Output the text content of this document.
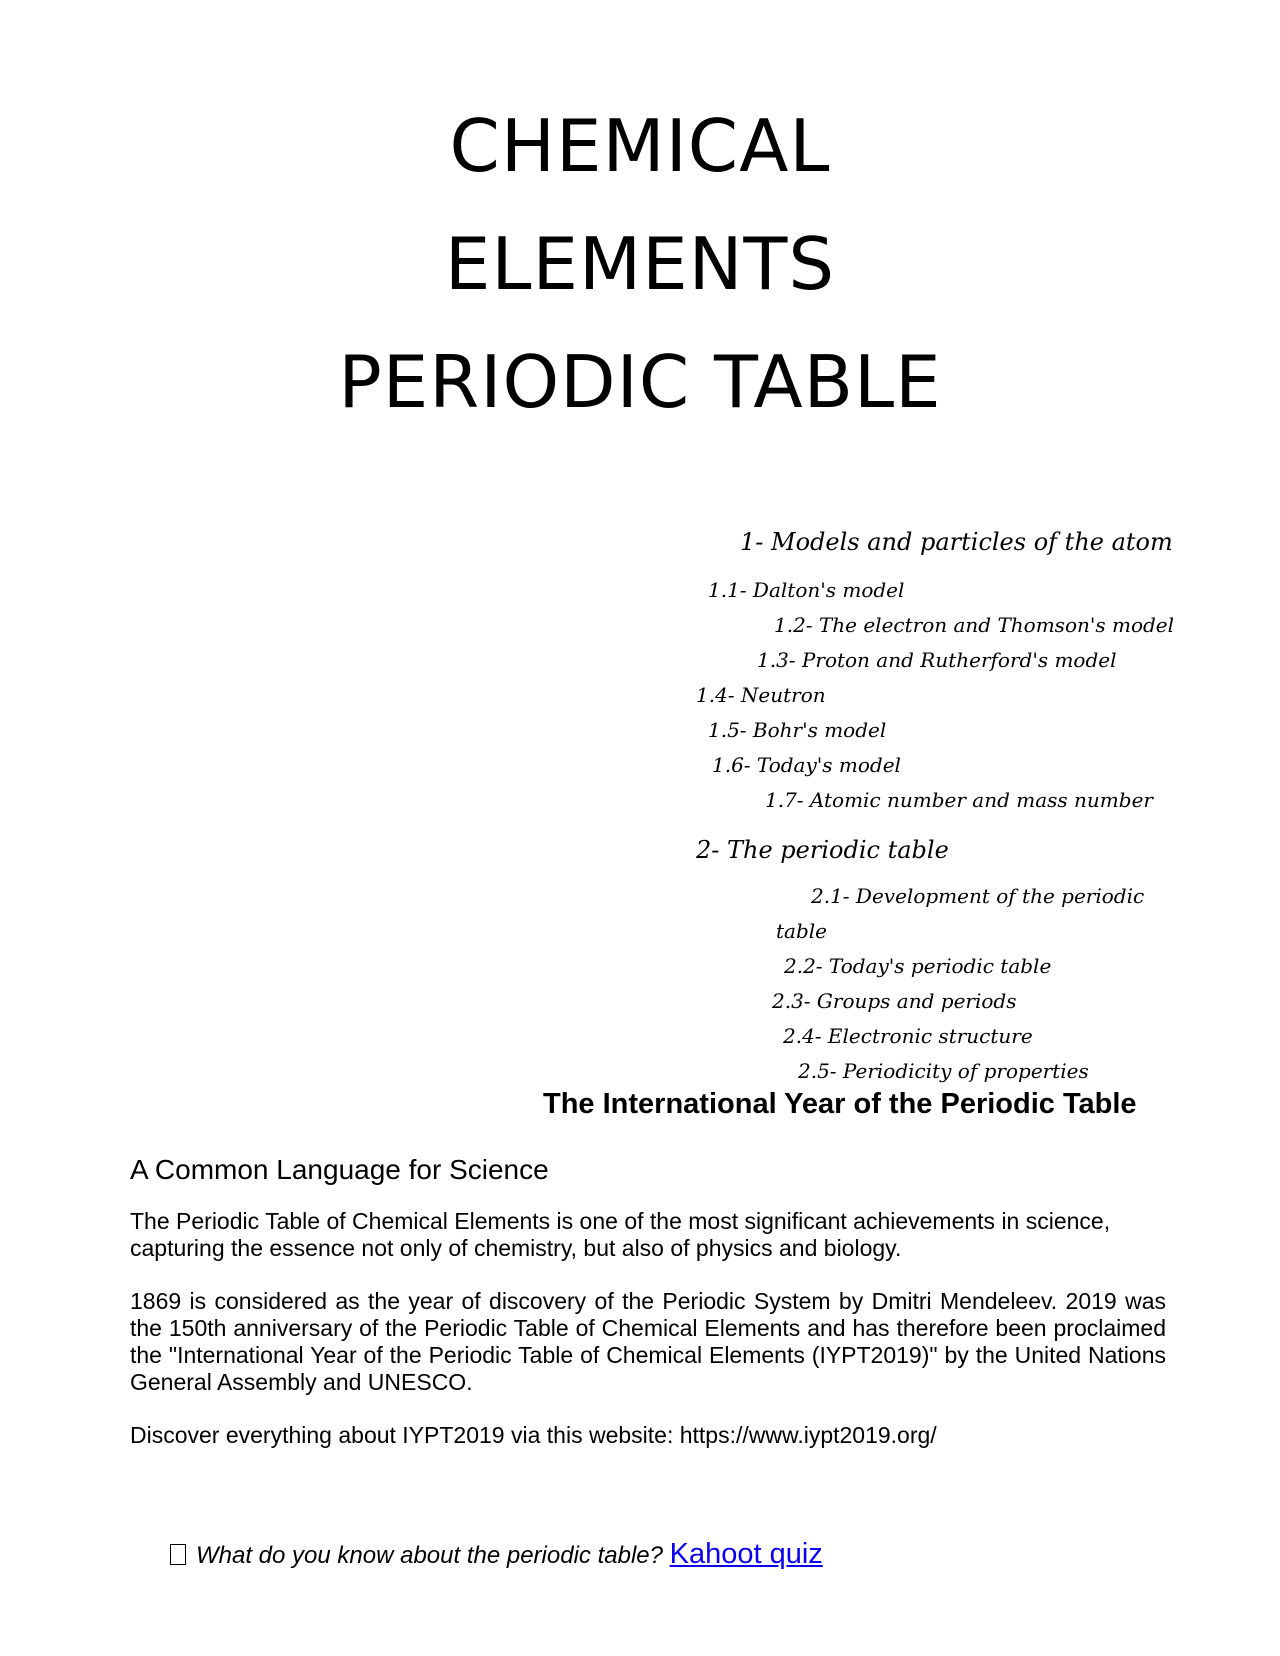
CHEMICAL
ELEMENTS
PERIODIC TABLE
1- Models and particles of the atom
1.1- Dalton's model
1.2- The electron and Thomson's model
1.3- Proton and Rutherford's model
1.4- Neutron
1.5- Bohr's model
1.6- Today's model
1.7- Atomic number and mass number
2- The periodic table
2.1- Development of the periodic
table
2.2- Today's periodic table
2.3- Groups and periods
2.4- Electronic structure
2.5- Periodicity of properties
The International Year of the Periodic Table
A Common Language for Science
The Periodic Table of Chemical Elements is one of the most significant achievements in science, capturing the essence not only of chemistry, but also of physics and biology.
1869 is considered as the year of discovery of the Periodic System by Dmitri Mendeleev. 2019 was the 150th anniversary of the Periodic Table of Chemical Elements and has therefore been proclaimed the "International Year of the Periodic Table of Chemical Elements (IYPT2019)" by the United Nations General Assembly and UNESCO.
Discover everything about IYPT2019 via this website: https://www.iypt2019.org/
What do you know about the periodic table? Kahoot quiz
